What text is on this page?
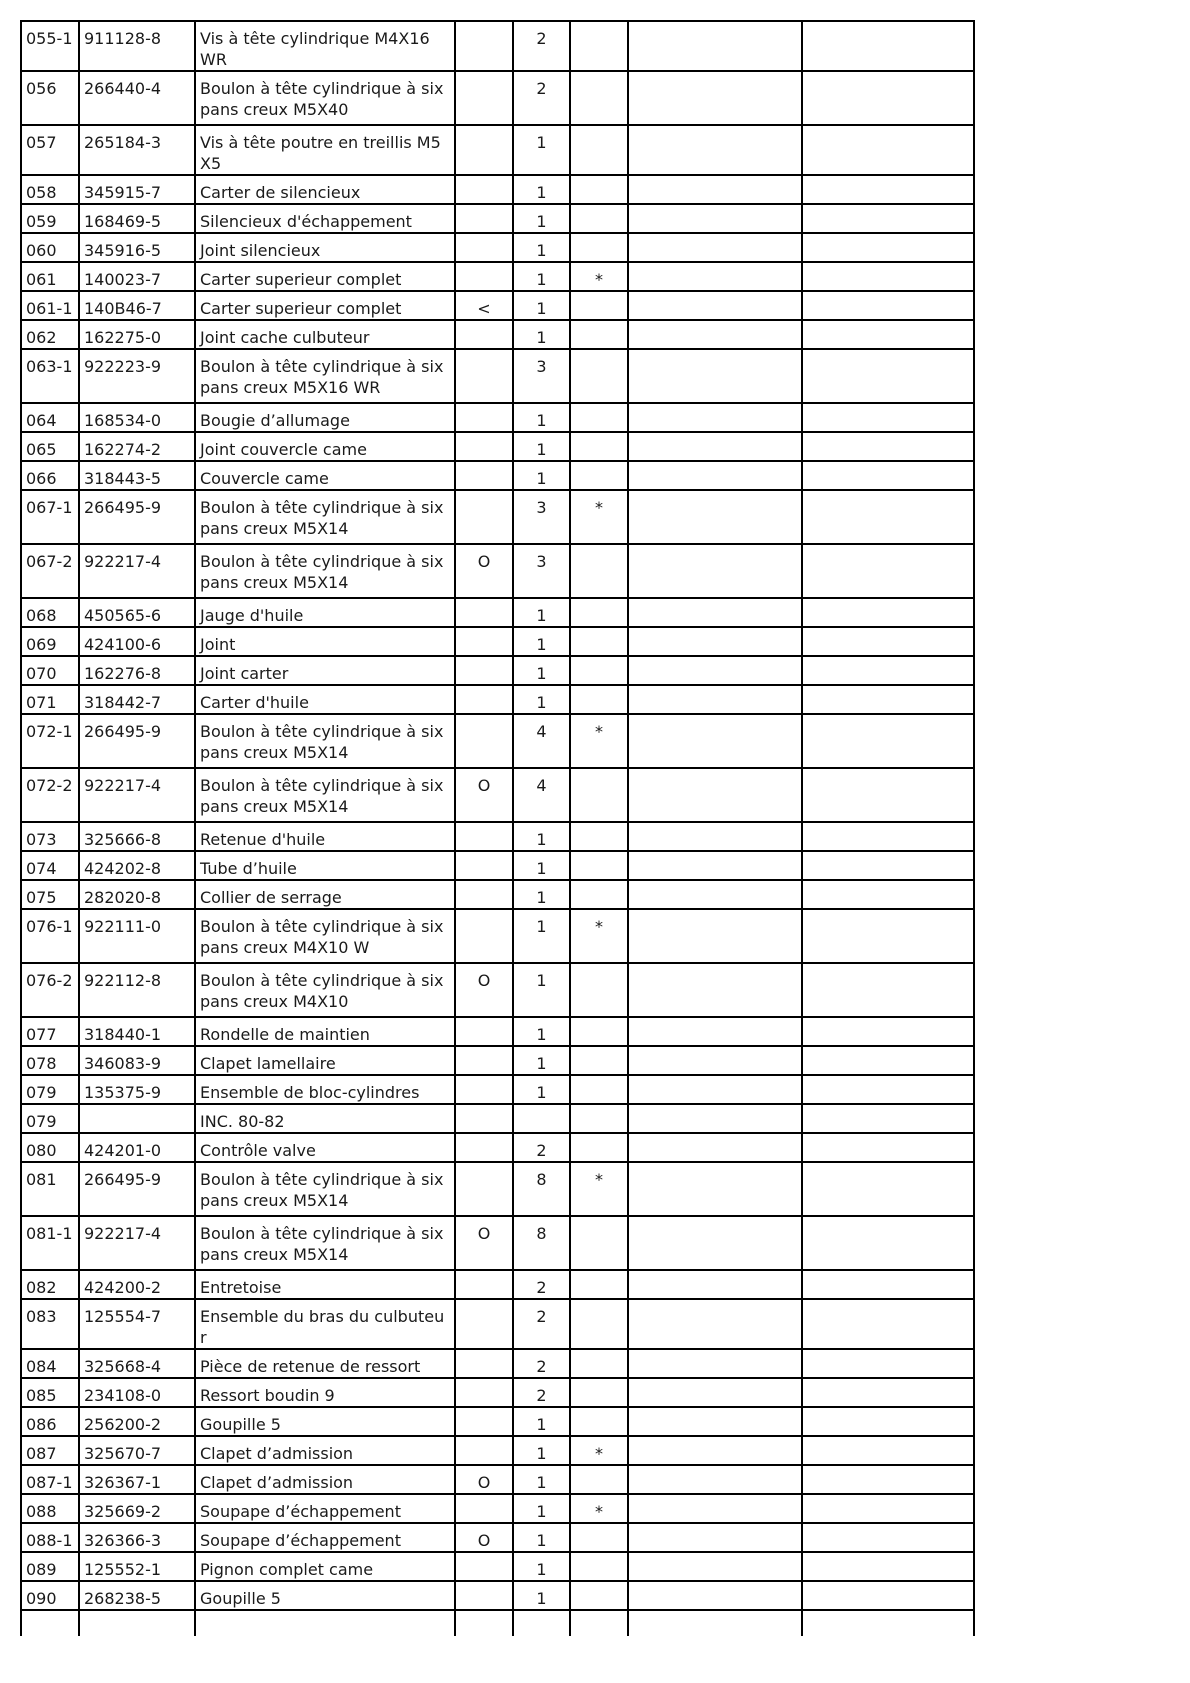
055-1	911128-8	Vis à tête cylindrique M4X16 WR		2			
056	266440-4	Boulon à tête cylindrique à six pans creux M5X40		2			
057	265184-3	Vis à tête poutre en treillis M5X5		1			
058	345915-7	Carter de silencieux		1			
059	168469-5	Silencieux d'échappement		1			
060	345916-5	Joint silencieux		1			
061	140023-7	Carter superieur complet		1	*		
061-1	140B46-7	Carter superieur complet	<	1			
062	162275-0	Joint cache culbuteur		1			
063-1	922223-9	Boulon à tête cylindrique à six pans creux M5X16 WR		3			
064	168534-0	Bougie d’allumage		1			
065	162274-2	Joint couvercle came		1			
066	318443-5	Couvercle came		1			
067-1	266495-9	Boulon à tête cylindrique à six pans creux M5X14		3	*		
067-2	922217-4	Boulon à tête cylindrique à six pans creux M5X14	O	3			
068	450565-6	Jauge d'huile		1			
069	424100-6	Joint		1			
070	162276-8	Joint carter		1			
071	318442-7	Carter d'huile		1			
072-1	266495-9	Boulon à tête cylindrique à six pans creux M5X14		4	*		
072-2	922217-4	Boulon à tête cylindrique à six pans creux M5X14	O	4			
073	325666-8	Retenue d'huile		1			
074	424202-8	Tube d’huile		1			
075	282020-8	Collier de serrage		1			
076-1	922111-0	Boulon à tête cylindrique à six pans creux M4X10 W		1	*		
076-2	922112-8	Boulon à tête cylindrique à six pans creux M4X10	O	1			
077	318440-1	Rondelle de maintien		1			
078	346083-9	Clapet lamellaire		1			
079	135375-9	Ensemble de bloc-cylindres		1			
079		INC. 80-82					
080	424201-0	Contrôle valve		2			
081	266495-9	Boulon à tête cylindrique à six pans creux M5X14		8	*		
081-1	922217-4	Boulon à tête cylindrique à six pans creux M5X14	O	8			
082	424200-2	Entretoise		2			
083	125554-7	Ensemble du bras du culbuteur		2			
084	325668-4	Pièce de retenue de ressort		2			
085	234108-0	Ressort boudin 9		2			
086	256200-2	Goupille 5		1			
087	325670-7	Clapet d’admission		1	*		
087-1	326367-1	Clapet d’admission	O	1			
088	325669-2	Soupape d’échappement		1	*		
088-1	326366-3	Soupape d’échappement	O	1			
089	125552-1	Pignon complet came		1			
090	268238-5	Goupille 5		1			
